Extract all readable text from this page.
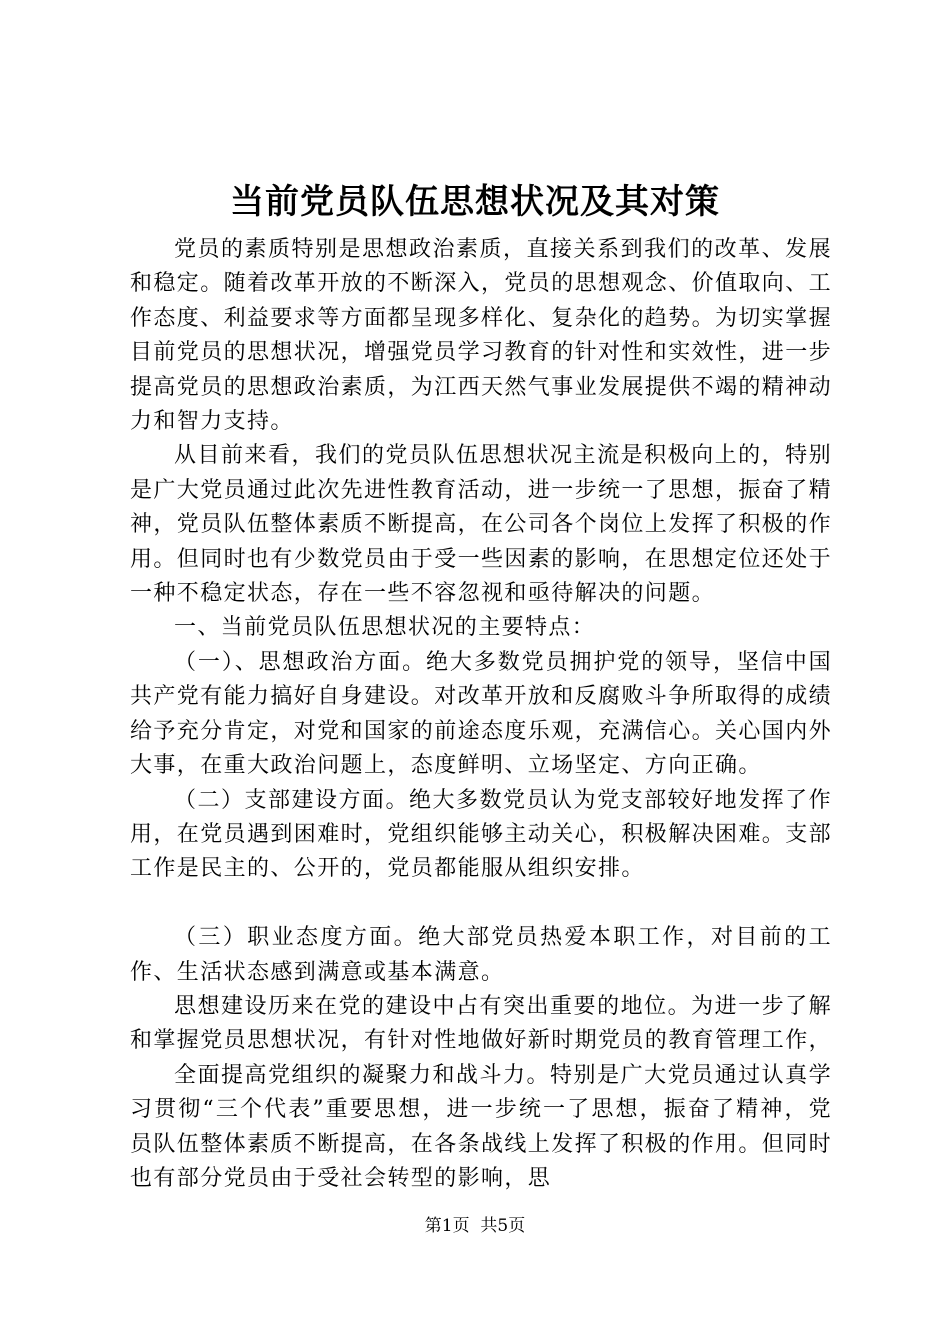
当前党员队伍思想状况及其对策

党员的素质特别是思想政治素质，直接关系到我们的改革、发展和稳定。随着改革开放的不断深入，党员的思想观念、价值取向、工作态度、利益要求等方面都呈现多样化、复杂化的趋势。为切实掌握目前党员的思想状况，增强党员学习教育的针对性和实效性，进一步提高党员的思想政治素质，为江西天然气事业发展提供不竭的精神动力和智力支持。

从目前来看，我们的党员队伍思想状况主流是积极向上的，特别是广大党员通过此次先进性教育活动，进一步统一了思想，振奋了精神，党员队伍整体素质不断提高，在公司各个岗位上发挥了积极的作用。但同时也有少数党员由于受一些因素的影响，在思想定位还处于一种不稳定状态，存在一些不容忽视和亟待解决的问题。

一、当前党员队伍思想状况的主要特点：

（一）、思想政治方面。绝大多数党员拥护党的领导，坚信中国共产党有能力搞好自身建设。对改革开放和反腐败斗争所取得的成绩给予充分肯定，对党和国家的前途态度乐观，充满信心。关心国内外大事，在重大政治问题上，态度鲜明、立场坚定、方向正确。

（二）支部建设方面。绝大多数党员认为党支部较好地发挥了作用，在党员遇到困难时，党组织能够主动关心，积极解决困难。支部工作是民主的、公开的，党员都能服从组织安排。

（三）职业态度方面。绝大部党员热爱本职工作，对目前的工作、生活状态感到满意或基本满意。

思想建设历来在党的建设中占有突出重要的地位。为进一步了解和掌握党员思想状况，有针对性地做好新时期党员的教育管理工作，

全面提高党组织的凝聚力和战斗力。特别是广大党员通过认真学习贯彻“三个代表”重要思想，进一步统一了思想，振奋了精神，党员队伍整体素质不断提高，在各条战线上发挥了积极的作用。但同时也有部分党员由于受社会转型的影响，思

第1页 共5页
